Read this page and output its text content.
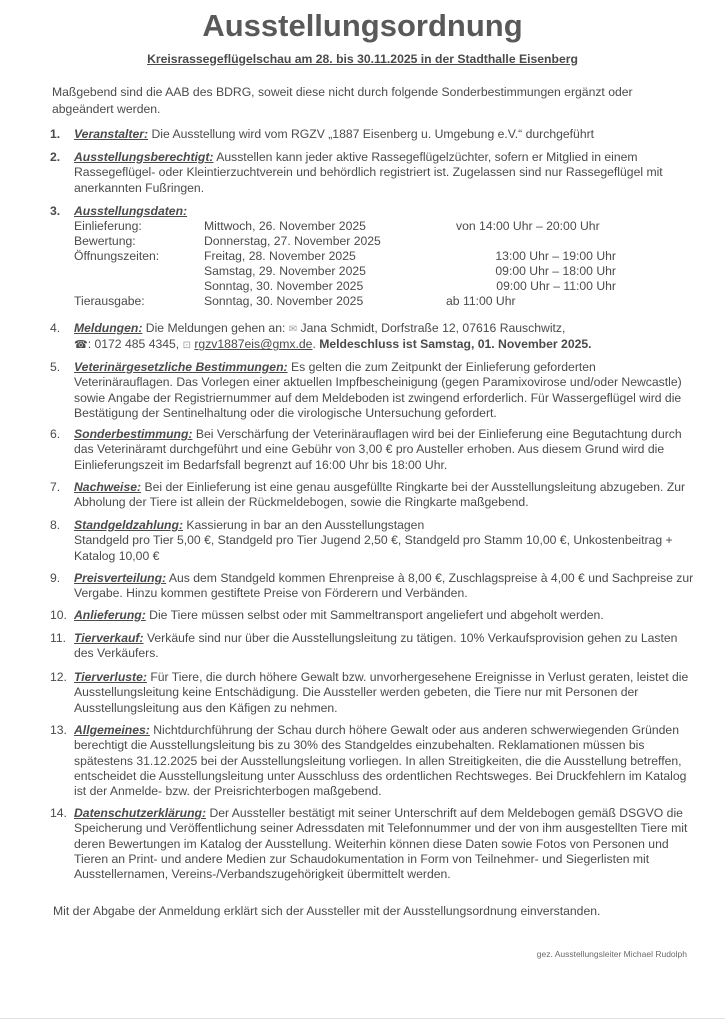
Ausstellungsordnung
Kreisrassegeflügelschau am 28. bis 30.11.2025 in der Stadthalle Eisenberg
Maßgebend sind die AAB des BDRG, soweit diese nicht durch folgende Sonderbestimmungen ergänzt oder abgeändert werden.
1. Veranstalter: Die Ausstellung wird vom RGZV „1887 Eisenberg u. Umgebung e.V.“ durchgeführt
2. Ausstellungsberechtigt: Ausstellen kann jeder aktive Rassegeflügelzüchter, sofern er Mitglied in einem Rassegeflügel- oder Kleintierzuchtverein und behördlich registriert ist. Zugelassen sind nur Rassegeflügel mit anerkannten Fußringen.
3. Ausstellungsdaten:
Einlieferung:	Mittwoch, 26. November 2025	von 14:00 Uhr – 20:00 Uhr
Bewertung:	Donnerstag, 27. November 2025
Öffnungszeiten:	Freitag, 28. November 2025	13:00 Uhr – 19:00 Uhr
Samstag, 29. November 2025	09:00 Uhr – 18:00 Uhr
Sonntag, 30. November 2025	09:00 Uhr – 11:00 Uhr
Tierausgabe:	Sonntag, 30. November 2025	ab 11:00 Uhr
4. Meldungen: Die Meldungen gehen an: ✉ Jana Schmidt, Dorfstraße 12, 07616 Rauschwitz,
☎: 0172 485 4345, ⊡ rgzv1887eis@gmx.de. Meldeschluss ist Samstag, 01. November 2025.
5. Veterinärgesetzliche Bestimmungen: Es gelten die zum Zeitpunkt der Einlieferung geforderten Veterinärauflagen. Das Vorlegen einer aktuellen Impfbescheinigung (gegen Paramixovirose und/oder Newcastle) sowie Angabe der Registriernummer auf dem Meldeboden ist zwingend erforderlich. Für Wassergeflügel wird die Bestätigung der Sentinelhaltung oder die virologische Untersuchung gefordert.
6. Sonderbestimmung: Bei Verschärfung der Veterinärauflagen wird bei der Einlieferung eine Begutachtung durch das Veterinäramt durchgeführt und eine Gebühr von 3,00 € pro Austeller erhoben. Aus diesem Grund wird die Einlieferungszeit im Bedarfsfall begrenzt auf 16:00 Uhr bis 18:00 Uhr.
7. Nachweise: Bei der Einlieferung ist eine genau ausgefüllte Ringkarte bei der Ausstellungsleitung abzugeben. Zur Abholung der Tiere ist allein der Rückmeldebogen, sowie die Ringkarte maßgebend.
8. Standgeldzahlung: Kassierung in bar an den Ausstellungstagen
Standgeld pro Tier 5,00 €, Standgeld pro Tier Jugend 2,50 €, Standgeld pro Stamm 10,00 €, Unkostenbeitrag + Katalog 10,00 €
9. Preisverteilung: Aus dem Standgeld kommen Ehrenpreise à 8,00 €, Zuschlagspreise à 4,00 € und Sachpreise zur Vergabe. Hinzu kommen gestiftete Preise von Förderern und Verbänden.
10. Anlieferung: Die Tiere müssen selbst oder mit Sammeltransport angeliefert und abgeholt werden.
11. Tierverkauf: Verkäufe sind nur über die Ausstellungsleitung zu tätigen. 10% Verkaufsprovision gehen zu Lasten des Verkäufers.
12. Tierverluste: Für Tiere, die durch höhere Gewalt bzw. unvorhergesehene Ereignisse in Verlust geraten, leistet die Ausstellungsleitung keine Entschädigung. Die Aussteller werden gebeten, die Tiere nur mit Personen der Ausstellungsleitung aus den Käfigen zu nehmen.
13. Allgemeines: Nichtdurchführung der Schau durch höhere Gewalt oder aus anderen schwerwiegenden Gründen berechtigt die Ausstellungsleitung bis zu 30% des Standgeldes einzubehalten. Reklamationen müssen bis spätestens 31.12.2025 bei der Ausstellungsleitung vorliegen. In allen Streitigkeiten, die die Ausstellung betreffen, entscheidet die Ausstellungsleitung unter Ausschluss des ordentlichen Rechtsweges. Bei Druckfehlern im Katalog ist der Anmelde- bzw. der Preisrichterbogen maßgebend.
14. Datenschutzerklärung: Der Aussteller bestätigt mit seiner Unterschrift auf dem Meldebogen gemäß DSGVO die Speicherung und Veröffentlichung seiner Adressdaten mit Telefonnummer und der von ihm ausgestellten Tiere mit deren Bewertungen im Katalog der Ausstellung. Weiterhin können diese Daten sowie Fotos von Personen und Tieren an Print- und andere Medien zur Schaudokumentation in Form von Teilnehmer- und Siegerlisten mit Ausstellernamen, Vereins-/Verbandszugehörigkeit übermittelt werden.
Mit der Abgabe der Anmeldung erklärt sich der Aussteller mit der Ausstellungsordnung einverstanden.
gez. Ausstellungsleiter Michael Rudolph
